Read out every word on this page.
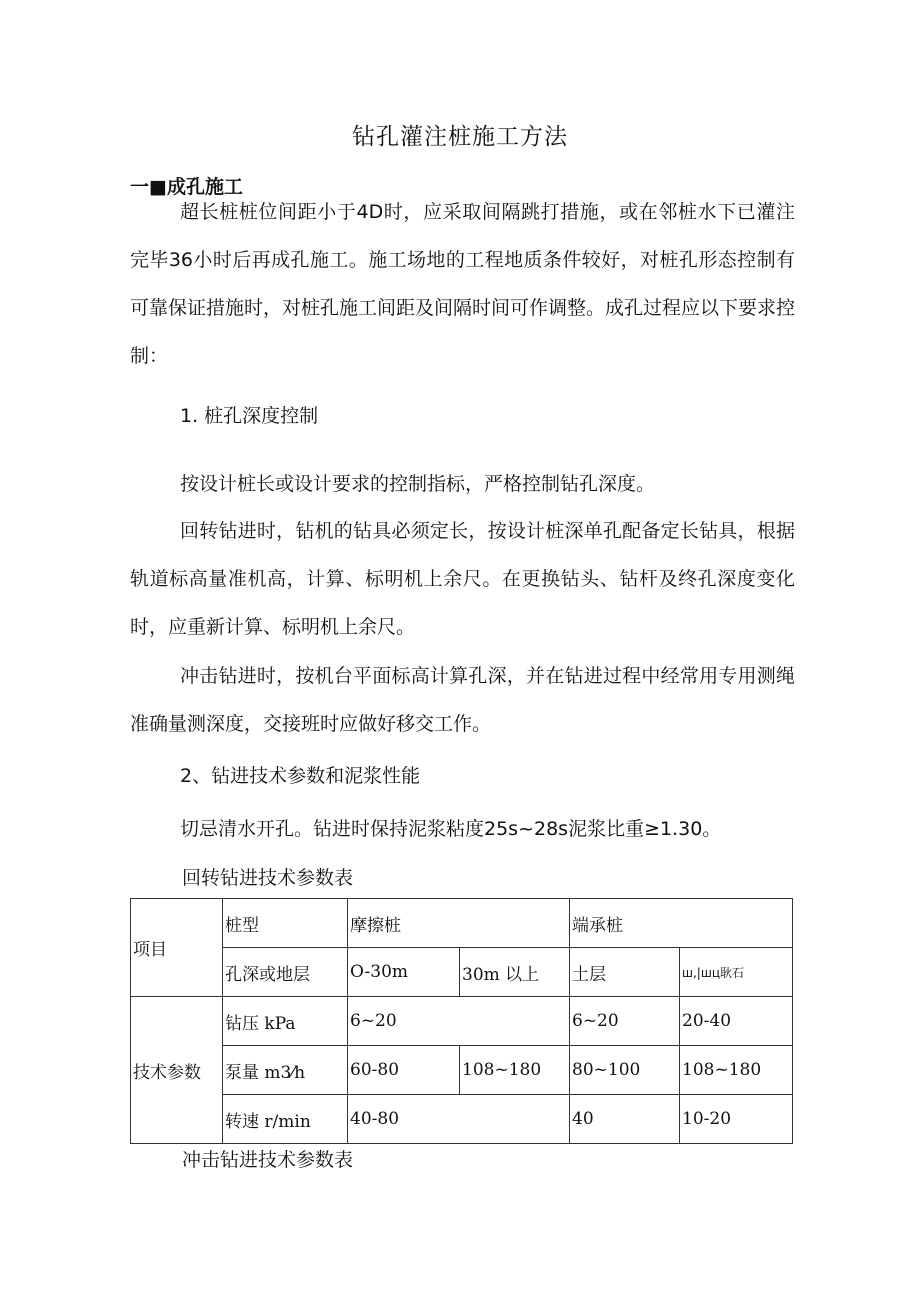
钻孔灌注桩施工方法
一■成孔施工

超长桩桩位间距小于4D时，应采取间隔跳打措施，或在邻桩水下已灌注完毕36小时后再成孔施工。施工场地的工程地质条件较好，对桩孔形态控制有可靠保证措施时，对桩孔施工间距及间隔时间可作调整。成孔过程应以下要求控制：

1. 桩孔深度控制
按设计桩长或设计要求的控制指标，严格控制钻孔深度。

回转钻进时，钻机的钻具必须定长，按设计桩深单孔配备定长钻具，根据轨道标高量准机高，计算、标明机上余尺。在更换钻头、钻杆及终孔深度变化时，应重新计算、标明机上余尺。

冲击钻进时，按机台平面标高计算孔深，并在钻进过程中经常用专用测绳准确量测深度，交接班时应做好移交工作。

2、钻进技术参数和泥浆性能
切忌清水开孔。钻进时保持泥浆粘度25s~28s泥浆比重≥1.30。
回转钻进技术参数表
项目	桩型	摩擦桩		端承桩	
	孔深或地层	O-30m	30m 以上	土层	ш,|шц耿石
技术参数	钻压 kPa	6~20		6~20	20-40
	泵量 m3⁄h	60-80	108~180	80~100	108~180
	转速 r/min	40-80		40	10-20
冲击钻进技术参数表
